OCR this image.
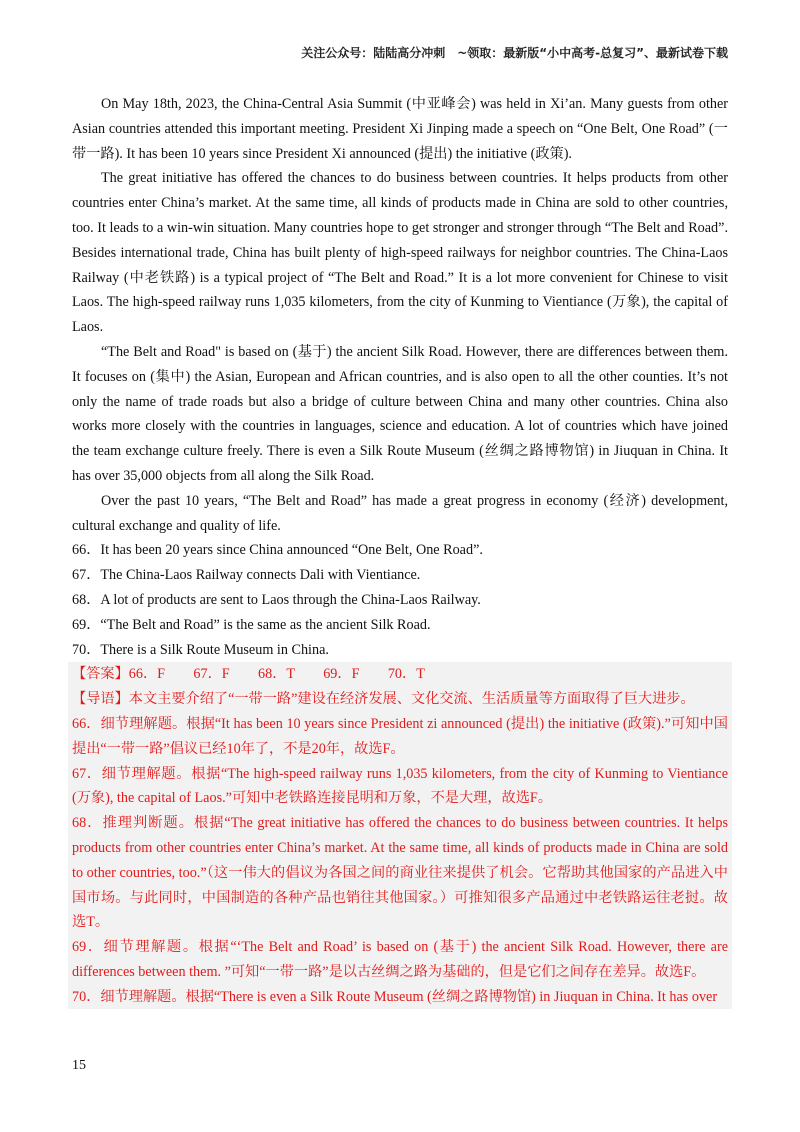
关注公众号：陆陆高分冲刺　~领取：最新版“小中高考-总复习”、最新试卷下载

On May 18th, 2023, the China-Central Asia Summit (中亚峰会) was held in Xi’an. Many guests from other Asian countries attended this important meeting. President Xi Jinping made a speech on “One Belt, One Road” (一带一路). It has been 10 years since President Xi announced (提出) the initiative (政策).

The great initiative has offered the chances to do business between countries. It helps products from other countries enter China’s market. At the same time, all kinds of products made in China are sold to other countries, too. It leads to a win-win situation. Many countries hope to get stronger and stronger through “The Belt and Road”. Besides international trade, China has built plenty of high-speed railways for neighbor countries. The China-Laos Railway (中老铁路) is a typical project of “The Belt and Road.” It is a lot more convenient for Chinese to visit Laos. The high-speed railway runs 1,035 kilometers, from the city of Kunming to Vientiance (万象), the capital of Laos.

“The Belt and Road" is based on (基于) the ancient Silk Road. However, there are differences between them. It focuses on (集中) the Asian, European and African countries, and is also open to all the other counties. It’s not only the name of trade roads but also a bridge of culture between China and many other countries. China also works more closely with the countries in languages, science and education. A lot of countries which have joined the team exchange culture freely. There is even a Silk Route Museum (丝绸之路博物馆) in Jiuquan in China. It has over 35,000 objects from all along the Silk Road.

Over the past 10 years, “The Belt and Road” has made a great progress in economy (经济) development, cultural exchange and quality of life.

66．It has been 20 years since China announced “One Belt, One Road”.

67．The China-Laos Railway connects Dali with Vientiance.

68．A lot of products are sent to Laos through the China-Laos Railway.

69．“The Belt and Road” is the same as the ancient Silk Road.

70．There is a Silk Route Museum in China.

【答案】66．F　　67．F　　68．T　　69．F　　70．T

【导语】本文主要介绍了“一带一路”建设在经济发展、文化交流、生活质量等方面取得了巨大进步。

66．细节理解题。根据“It has been 10 years since President zi announced (提出) the initiative (政策).”可知中国提出“一带一路”倡议已经10年了，不是20年，故选F。

67．细节理解题。根据“The high-speed railway runs 1,035 kilometers, from the city of Kunming to Vientiance (万象), the capital of Laos.”可知中老铁路连接昆明和万象，不是大理，故选F。

68．推理判断题。根据“The great initiative has offered the chances to do business between countries. It helps products from other countries enter China’s market. At the same time, all kinds of products made in China are sold to other countries, too.”（这一伟大的倡议为各国之间的商业往来提供了机会。它帮助其他国家的产品进入中国市场。与此同时，中国制造的各种产品也销往其他国家。）可推知很多产品通过中老铁路运往老挝。故选T。

69．细节理解题。根据“‘The Belt and Road’ is based on (基于) the ancient Silk Road. However, there are differences between them. ”可知“一带一路”是以古丝绸之路为基础的，但是它们之间存在差异。故选F。

70．细节理解题。根据“There is even a Silk Route Museum (丝绸之路博物馆) in Jiuquan in China. It has over

15
